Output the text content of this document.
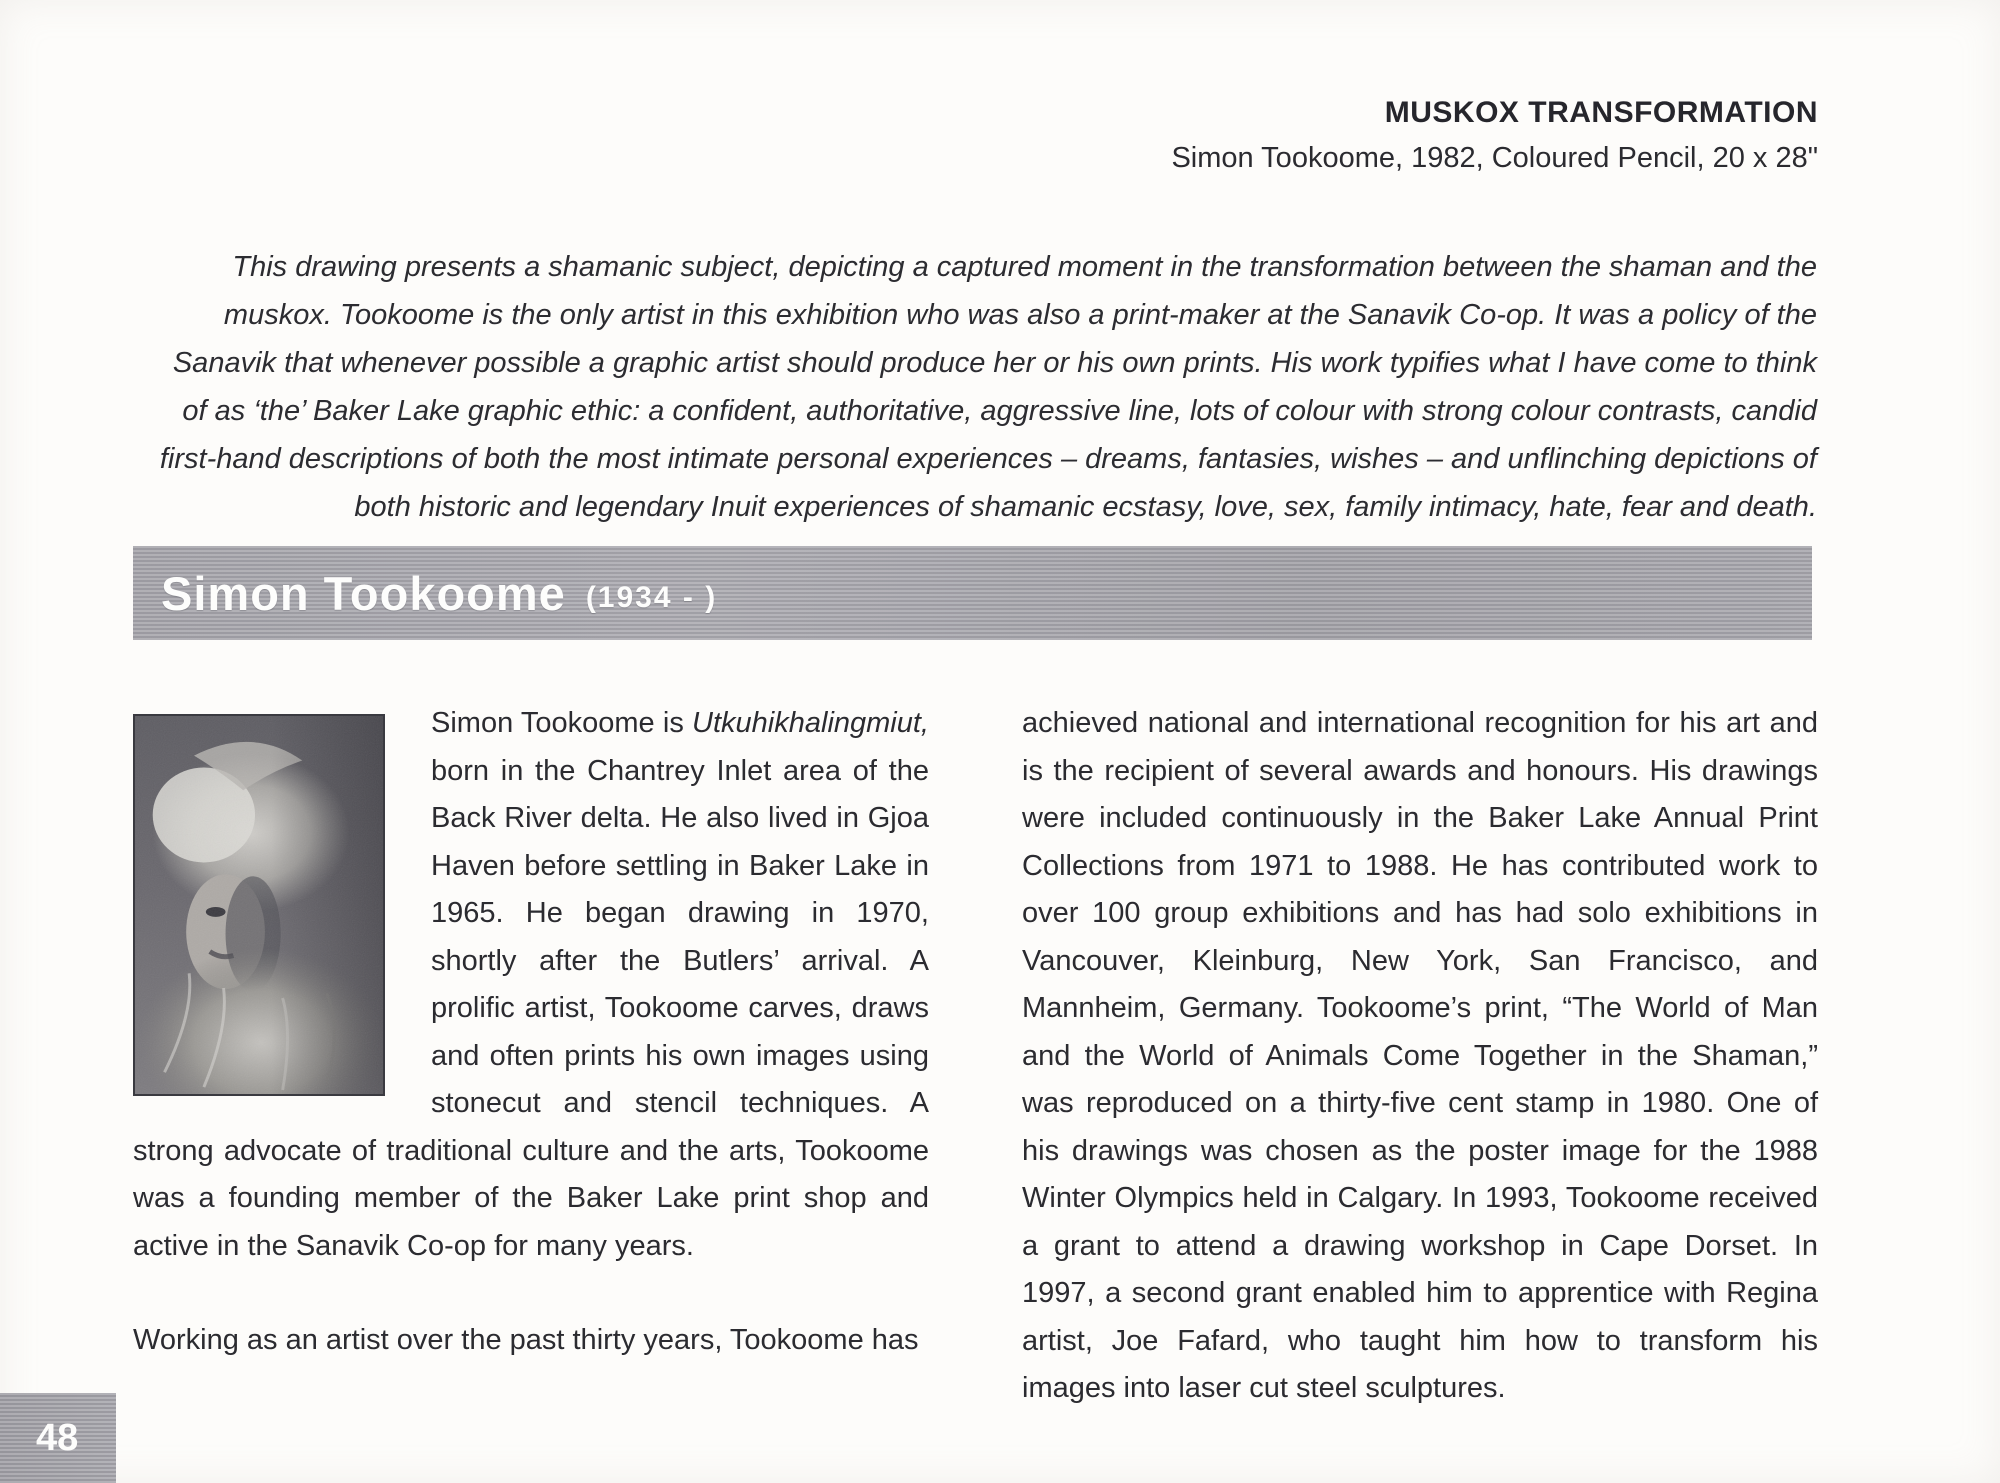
MUSKOX TRANSFORMATION
Simon Tookoome, 1982, Coloured Pencil, 20 x 28"
This drawing presents a shamanic subject, depicting a captured moment in the transformation between the shaman and the
muskox. Tookoome is the only artist in this exhibition who was also a print-maker at the Sanavik Co-op. It was a policy of the
Sanavik that whenever possible a graphic artist should produce her or his own prints. His work typifies what I have come to think
of as ‘the’ Baker Lake graphic ethic: a confident, authoritative, aggressive line, lots of colour with strong colour contrasts, candid
first-hand descriptions of both the most intimate personal experiences – dreams, fantasies, wishes – and unflinching depictions of
both historic and legendary Inuit experiences of shamanic ecstasy, love, sex, family intimacy, hate, fear and death.
Simon Tookoome (1934 - )

Simon Tookoome is Utkuhikhalingmiut, born in the Chantrey Inlet area of the Back River delta. He also lived in Gjoa Haven before settling in Baker Lake in 1965. He began drawing in 1970, shortly after the Butlers’ arrival. A prolific artist, Tookoome carves, draws and often prints his own images using stonecut and stencil techniques. A strong advocate of traditional culture and the arts, Tookoome was a founding member of the Baker Lake print shop and active in the Sanavik Co-op for many years.

Working as an artist over the past thirty years, Tookoome has

achieved national and international recognition for his art and is the recipient of several awards and honours. His drawings were included continuously in the Baker Lake Annual Print Collections from 1971 to 1988. He has contributed work to over 100 group exhibitions and has had solo exhibitions in Vancouver, Kleinburg, New York, San Francisco, and Mannheim, Germany. Tookoome’s print, “The World of Man and the World of Animals Come Together in the Shaman,” was reproduced on a thirty-five cent stamp in 1980. One of his drawings was chosen as the poster image for the 1988 Winter Olympics held in Calgary. In 1993, Tookoome received a grant to attend a drawing workshop in Cape Dorset. In 1997, a second grant enabled him to apprentice with Regina artist, Joe Fafard, who taught him how to transform his images into laser cut steel sculptures.

48
